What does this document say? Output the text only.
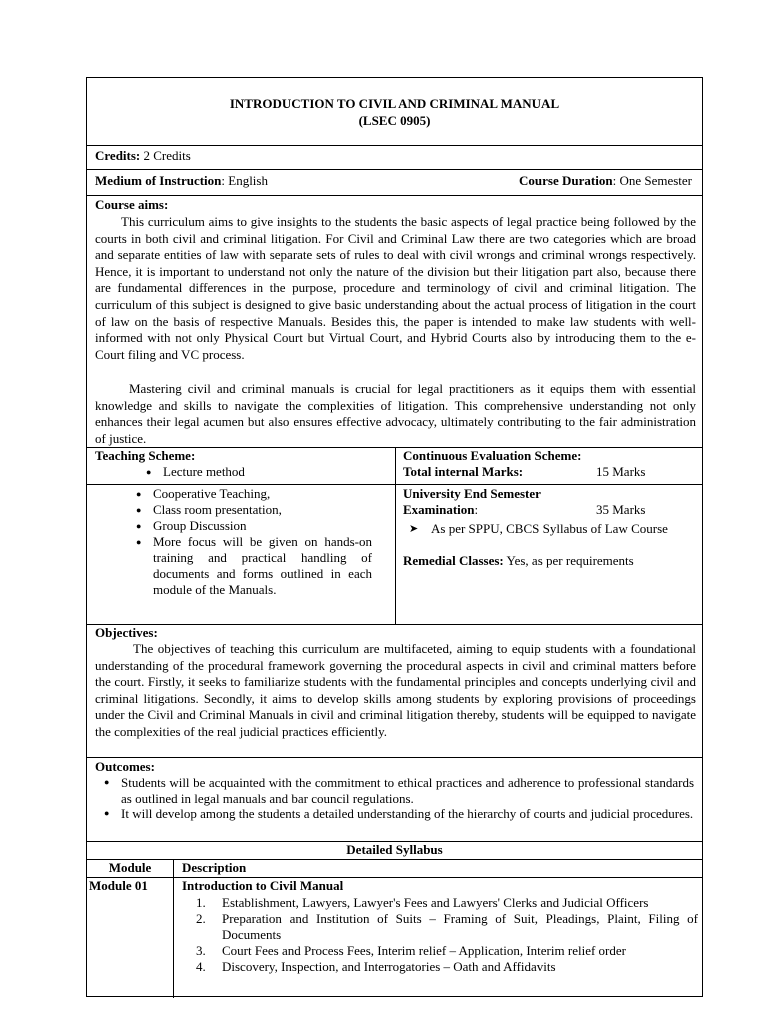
INTRODUCTION TO CIVIL AND CRIMINAL MANUAL
(LSEC 0905)
Credits: 2 Credits
Medium of Instruction: English	Course Duration: One Semester
Course aims:
This curriculum aims to give insights to the students the basic aspects of legal practice being followed by the courts in both civil and criminal litigation. For Civil and Criminal Law there are two categories which are broad and separate entities of law with separate sets of rules to deal with civil wrongs and criminal wrongs respectively. Hence, it is important to understand not only the nature of the division but their litigation part also, because there are fundamental differences in the purpose, procedure and terminology of civil and criminal litigation. The curriculum of this subject is designed to give basic understanding about the actual process of litigation in the court of law on the basis of respective Manuals. Besides this, the paper is intended to make law students with well-informed with not only Physical Court but Virtual Court, and Hybrid Courts also by introducing them to the e-Court filing and VC process.
Mastering civil and criminal manuals is crucial for legal practitioners as it equips them with essential knowledge and skills to navigate the complexities of litigation. This comprehensive understanding not only enhances their legal acumen but also ensures effective advocacy, ultimately contributing to the fair administration of justice.
Teaching Scheme:
● Lecture method
Continuous Evaluation Scheme:
Total internal Marks:	15 Marks
● Cooperative Teaching,
● Class room presentation,
● Group Discussion
● More focus will be given on hands-on training and practical handling of documents and forms outlined in each module of the Manuals.
University End Semester
Examination:	35 Marks
➤ As per SPPU, CBCS Syllabus of Law Course
Remedial Classes: Yes, as per requirements
Objectives:
The objectives of teaching this curriculum are multifaceted, aiming to equip students with a foundational understanding of the procedural framework governing the procedural aspects in civil and criminal matters before the court. Firstly, it seeks to familiarize students with the fundamental principles and concepts underlying civil and criminal litigations. Secondly, it aims to develop skills among students by exploring provisions of proceedings under the Civil and Criminal Manuals in civil and criminal litigation thereby, students will be equipped to navigate the complexities of the real judicial practices efficiently.
Outcomes:
● Students will be acquainted with the commitment to ethical practices and adherence to professional standards as outlined in legal manuals and bar council regulations.
● It will develop among the students a detailed understanding of the hierarchy of courts and judicial procedures.
Detailed Syllabus
Module	Description
Module 01	Introduction to Civil Manual
1. Establishment, Lawyers, Lawyer's Fees and Lawyers' Clerks and Judicial Officers
2. Preparation and Institution of Suits – Framing of Suit, Pleadings, Plaint, Filing of Documents
3. Court Fees and Process Fees, Interim relief – Application, Interim relief order
4. Discovery, Inspection, and Interrogatories – Oath and Affidavits
